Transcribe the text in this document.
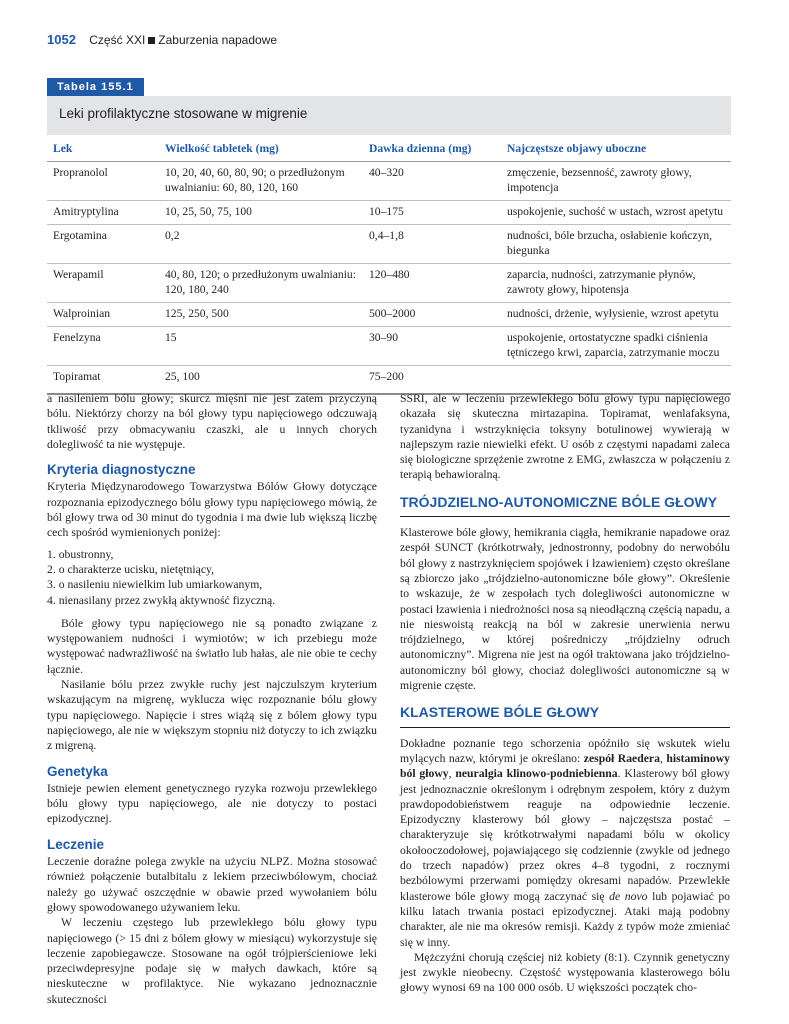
1052 Część XXI Zaburzenia napadowe
Tabela 155.1
Leki profilaktyczne stosowane w migrenie
Lek	Wielkość tabletek (mg)	Dawka dzienna (mg)	Najczęstsze objawy uboczne
Propranolol	10, 20, 40, 60, 80, 90; o przedłużonym uwalnianiu: 60, 80, 120, 160	40–320	zmęczenie, bezsenność, zawroty głowy, impotencja
Amitryptylina	10, 25, 50, 75, 100	10–175	uspokojenie, suchość w ustach, wzrost apetytu
Ergotamina	0,2	0,4–1,8	nudności, bóle brzucha, osłabienie kończyn, biegunka
Werapamil	40, 80, 120; o przedłużonym uwalnianiu: 120, 180, 240	120–480	zaparcia, nudności, zatrzymanie płynów, zawroty głowy, hipotensja
Walproinian	125, 250, 500	500–2000	nudności, drżenie, wyłysienie, wzrost apetytu
Fenelzyna	15	30–90	uspokojenie, ortostatyczne spadki ciśnienia tętniczego krwi, zaparcia, zatrzymanie moczu
Topiramat	25, 100	75–200	

a nasileniem bólu głowy; skurcz mięśni nie jest zatem przyczyną bólu. Niektórzy chorzy na ból głowy typu napięciowego odczuwają tkliwość przy obmacywaniu czaszki, ale u innych chorych dolegliwość ta nie występuje.

Kryteria diagnostyczne

Kryteria Międzynarodowego Towarzystwa Bólów Głowy dotyczące rozpoznania epizodycznego bólu głowy typu napięciowego mówią, że ból głowy trwa od 30 minut do tygodnia i ma dwie lub większą liczbę cech spośród wymienionych poniżej:

1. obustronny,
2. o charakterze ucisku, nietętniący,
3. o nasileniu niewielkim lub umiarkowanym,
4. nienasilany przez zwykłą aktywność fizyczną.

Bóle głowy typu napięciowego nie są ponadto związane z występowaniem nudności i wymiotów; w ich przebiegu może występować nadwrażliwość na światło lub hałas, ale nie obie te cechy łącznie.

Nasilanie bólu przez zwykłe ruchy jest najczulszym kryterium wskazującym na migrenę, wyklucza więc rozpoznanie bólu głowy typu napięciowego. Napięcie i stres wiążą się z bólem głowy typu napięciowego, ale nie w większym stopniu niż dotyczy to ich związku z migreną.

Genetyka

Istnieje pewien element genetycznego ryzyka rozwoju przewlekłego bólu głowy typu napięciowego, ale nie dotyczy to postaci epizodycznej.

Leczenie

Leczenie doraźne polega zwykle na użyciu NLPZ. Można stosować również połączenie butalbitalu z lekiem przeciwbólowym, chociaż należy go używać oszczędnie w obawie przed wywołaniem bólu głowy spowodowanego używaniem leku.

W leczeniu częstego lub przewlekłego bólu głowy typu napięciowego (> 15 dni z bólem głowy w miesiącu) wykorzystuje się leczenie zapobiegawcze. Stosowane na ogół trójpierścieniowe leki przeciwdepresyjne podaje się w małych dawkach, które są nieskuteczne w profilaktyce. Nie wykazano jednoznacznie skuteczności

SSRI, ale w leczeniu przewlekłego bólu głowy typu napięciowego okazała się skuteczna mirtazapina. Topiramat, wenlafaksyna, tyzanidyna i wstrzyknięcia toksyny botulinowej wywierają w najlepszym razie niewielki efekt. U osób z częstymi napadami zaleca się biologiczne sprzężenie zwrotne z EMG, zwłaszcza w połączeniu z terapią behawioralną.

TRÓJDZIELNO-AUTONOMICZNE BÓLE GŁOWY

Klasterowe bóle głowy, hemikrania ciągła, hemikranie napadowe oraz zespół SUNCT (krótkotrwały, jednostronny, podobny do nerwobólu ból głowy z nastrzyknięciem spojówek i łzawieniem) często określane są zbiorczo jako „trójdzielno-autonomiczne bóle głowy”. Określenie to wskazuje, że w zespołach tych dolegliwości autonomiczne w postaci łzawienia i niedrożności nosa są nieodłączną częścią napadu, a nie nieswoistą reakcją na ból w zakresie unerwienia nerwu trójdzielnego, w której pośredniczy „trójdzielny odruch autonomiczny”. Migrena nie jest na ogół traktowana jako trójdzielno-autonomiczny ból głowy, chociaż dolegliwości autonomiczne są w migrenie częste.

KLASTEROWE BÓLE GŁOWY

Dokładne poznanie tego schorzenia opóźniło się wskutek wielu mylących nazw, którymi je określano: zespół Raedera, histaminowy ból głowy, neuralgia klinowo-podniebienna. Klasterowy ból głowy jest jednoznacznie określonym i odrębnym zespołem, który z dużym prawdopodobieństwem reaguje na odpowiednie leczenie. Epizodyczny klasterowy ból głowy – najczęstsza postać – charakteryzuje się krótkotrwałymi napadami bólu w okolicy okołooczodołowej, pojawiającego się codziennie (zwykle od jednego do trzech napadów) przez okres 4–8 tygodni, z rocznymi bezbólowymi przerwami pomiędzy okresami napadów. Przewlekłe klasterowe bóle głowy mogą zaczynać się de novo lub pojawiać po kilku latach trwania postaci epizodycznej. Ataki mają podobny charakter, ale nie ma okresów remisji. Każdy z typów może zmieniać się w inny.

Mężczyźni chorują częściej niż kobiety (8:1). Czynnik genetyczny jest zwykle nieobecny. Częstość występowania klasterowego bólu głowy wynosi 69 na 100 000 osób. U większości początek cho-
